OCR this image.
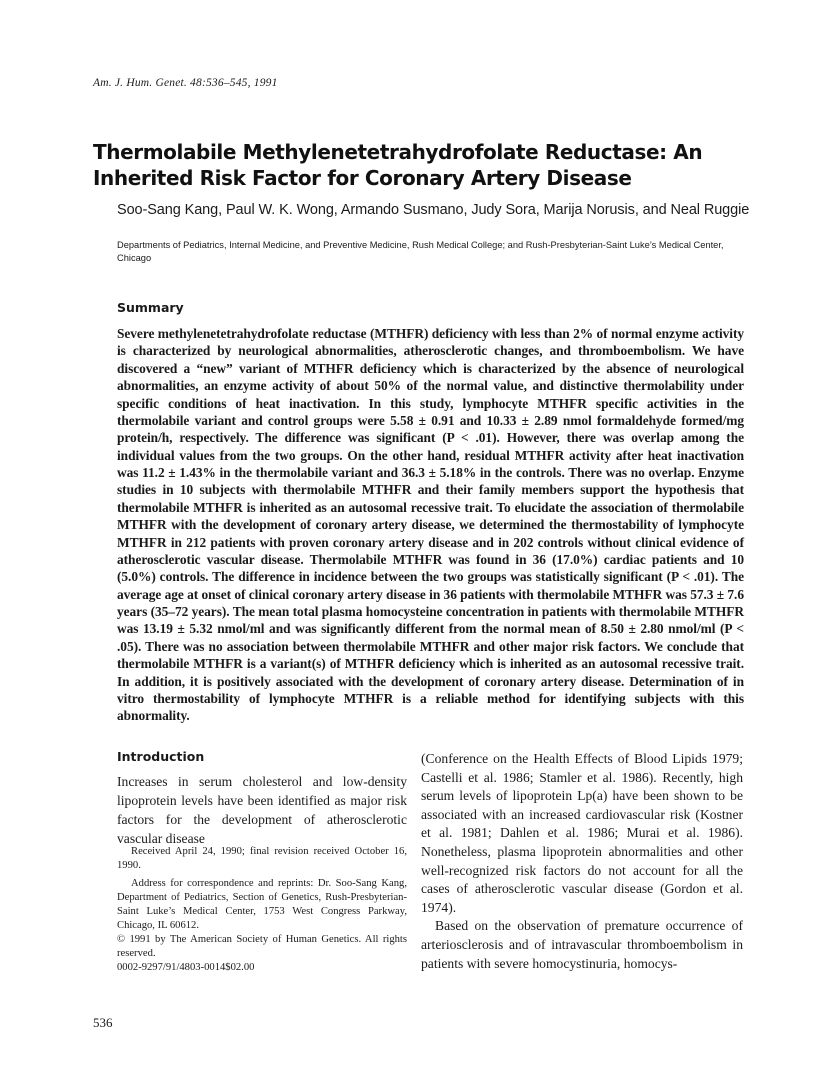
Am. J. Hum. Genet. 48:536–545, 1991
Thermolabile Methylenetetrahydrofolate Reductase: An Inherited Risk Factor for Coronary Artery Disease
Soo-Sang Kang, Paul W. K. Wong, Armando Susmano, Judy Sora, Marija Norusis, and Neal Ruggie
Departments of Pediatrics, Internal Medicine, and Preventive Medicine, Rush Medical College; and Rush-Presbyterian-Saint Luke’s Medical Center, Chicago
Summary
Severe methylenetetrahydrofolate reductase (MTHFR) deficiency with less than 2% of normal enzyme activity is characterized by neurological abnormalities, atherosclerotic changes, and thromboembolism. We have discovered a “new” variant of MTHFR deficiency which is characterized by the absence of neurological abnormalities, an enzyme activity of about 50% of the normal value, and distinctive thermolability under specific conditions of heat inactivation. In this study, lymphocyte MTHFR specific activities in the thermolabile variant and control groups were 5.58 ± 0.91 and 10.33 ± 2.89 nmol formaldehyde formed/mg protein/h, respectively. The difference was significant (P < .01). However, there was overlap among the individual values from the two groups. On the other hand, residual MTHFR activity after heat inactivation was 11.2 ± 1.43% in the thermolabile variant and 36.3 ± 5.18% in the controls. There was no overlap. Enzyme studies in 10 subjects with thermolabile MTHFR and their family members support the hypothesis that thermolabile MTHFR is inherited as an autosomal recessive trait. To elucidate the association of thermolabile MTHFR with the development of coronary artery disease, we determined the thermostability of lymphocyte MTHFR in 212 patients with proven coronary artery disease and in 202 controls without clinical evidence of atherosclerotic vascular disease. Thermolabile MTHFR was found in 36 (17.0%) cardiac patients and 10 (5.0%) controls. The difference in incidence between the two groups was statistically significant (P < .01). The average age at onset of clinical coronary artery disease in 36 patients with thermolabile MTHFR was 57.3 ± 7.6 years (35–72 years). The mean total plasma homocysteine concentration in patients with thermolabile MTHFR was 13.19 ± 5.32 nmol/ml and was significantly different from the normal mean of 8.50 ± 2.80 nmol/ml (P < .05). There was no association between thermolabile MTHFR and other major risk factors. We conclude that thermolabile MTHFR is a variant(s) of MTHFR deficiency which is inherited as an autosomal recessive trait. In addition, it is positively associated with the development of coronary artery disease. Determination of in vitro thermostability of lymphocyte MTHFR is a reliable method for identifying subjects with this abnormality.
Introduction
Increases in serum cholesterol and low-density lipoprotein levels have been identified as major risk factors for the development of atherosclerotic vascular disease

Received April 24, 1990; final revision received October 16, 1990.

Address for correspondence and reprints: Dr. Soo-Sang Kang, Department of Pediatrics, Section of Genetics, Rush-Presbyterian-Saint Luke’s Medical Center, 1753 West Congress Parkway, Chicago, IL 60612.

© 1991 by The American Society of Human Genetics. All rights reserved.

0002-9297/91/4803-0014$02.00

(Conference on the Health Effects of Blood Lipids 1979; Castelli et al. 1986; Stamler et al. 1986). Recently, high serum levels of lipoprotein Lp(a) have been shown to be associated with an increased cardiovascular risk (Kostner et al. 1981; Dahlen et al. 1986; Murai et al. 1986). Nonetheless, plasma lipoprotein abnormalities and other well-recognized risk factors do not account for all the cases of atherosclerotic vascular disease (Gordon et al. 1974).

Based on the observation of premature occurrence of arteriosclerosis and of intravascular thromboembolism in patients with severe homocystinuria, homocys-

536
